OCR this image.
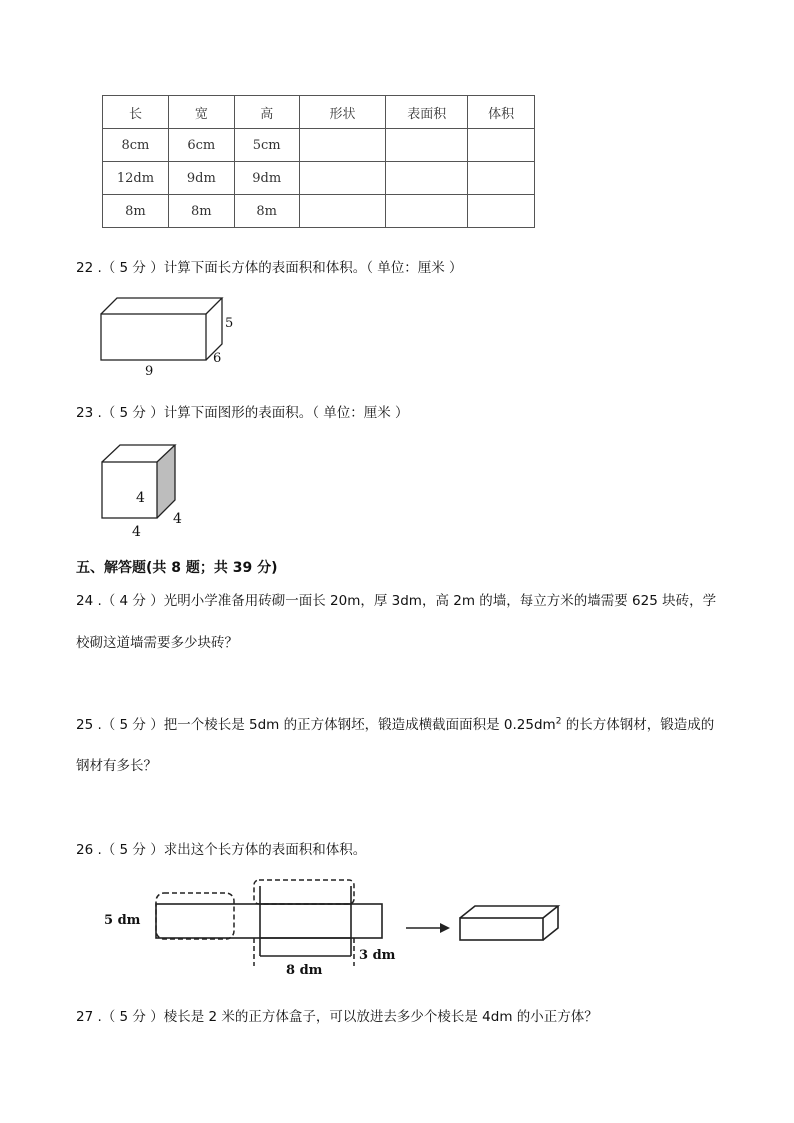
长	宽	高	形状	表面积	体积
8cm	6cm	5cm			
12dm	9dm	9dm			
8m	8m	8m			
22 .（ 5 分 ）计算下面长方体的表面积和体积。（ 单位：厘米 ）
5
6
9
23 .（ 5 分 ）计算下面图形的表面积。（ 单位：厘米 ）
4
4
4
五、解答题(共 8 题；共 39 分)
24 .（ 4 分 ）光明小学准备用砖砌一面长 20m，厚 3dm，高 2m 的墙，每立方米的墙需要 625 块砖，学
校砌这道墙需要多少块砖？
25 .（ 5 分 ）把一个棱长是 5dm 的正方体钢坯，锻造成横截面面积是 $0.25dm^2$ 的长方体钢材，锻造成的
钢材有多长？
26 .（ 5 分 ）求出这个长方体的表面积和体积。
5 dm
8 dm
3 dm
27 .（ 5 分 ）棱长是 2 米的正方体盒子，可以放进去多少个棱长是 4dm 的小正方体？
